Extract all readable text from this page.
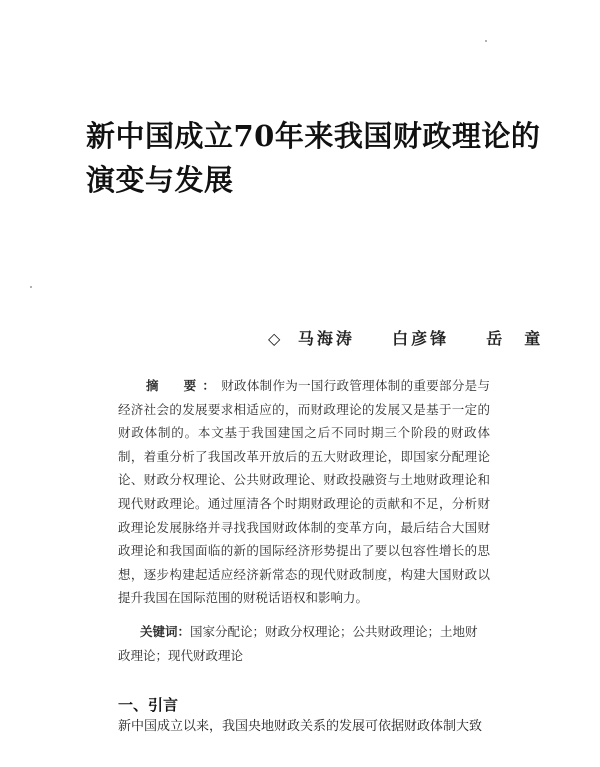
新中国成立70年来我国财政理论的
演变与发展
◇ 马海涛 白彦锋 岳　童
摘　要：财政体制作为一国行政管理体制的重要部分是与经济社会的发展要求相适应的，而财政理论的发展又是基于一定的财政体制的。本文基于我国建国之后不同时期三个阶段的财政体制，着重分析了我国改革开放后的五大财政理论，即国家分配理论论、财政分权理论、公共财政理论、财政投融资与土地财政理论和现代财政理论。通过厘清各个时期财政理论的贡献和不足，分析财政理论发展脉络并寻找我国财政体制的变革方向，最后结合大国财政理论和我国面临的新的国际经济形势提出了要以包容性增长的思想，逐步构建起适应经济新常态的现代财政制度，构建大国财政以提升我国在国际范围的财税话语权和影响力。
关键词：国家分配论；财政分权理论；公共财政理论；土地财政理论；现代财政理论
一、引言
新中国成立以来，我国央地财政关系的发展可依据财政体制大致
